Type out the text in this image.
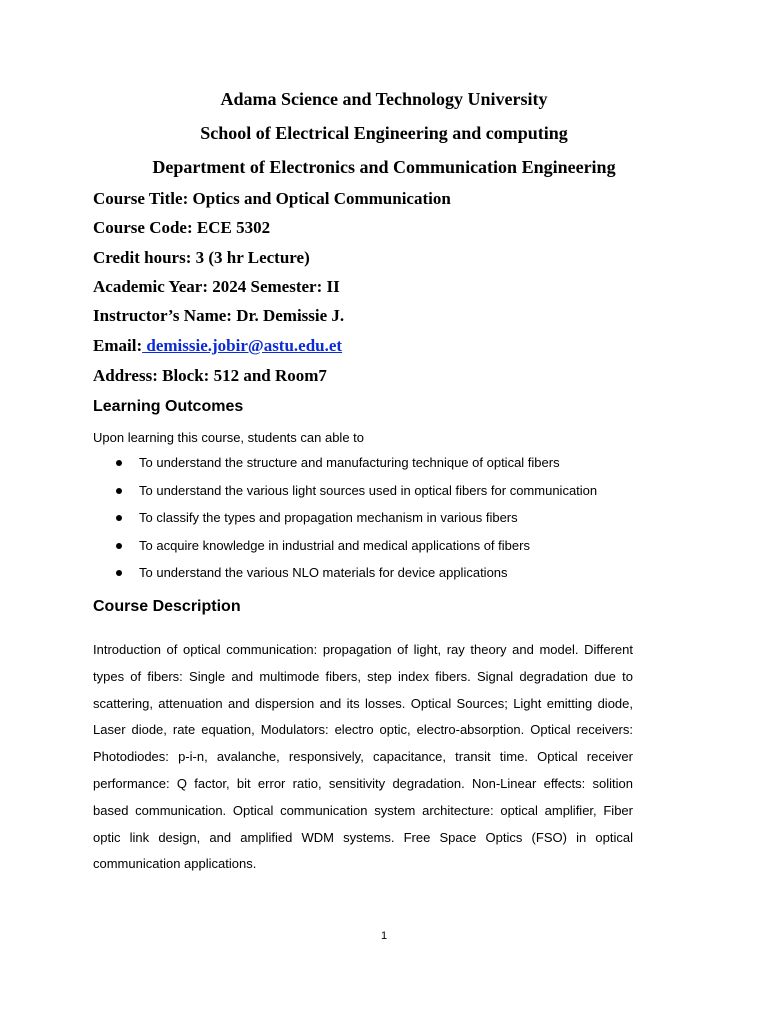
Adama Science and Technology University
School of Electrical Engineering and computing
Department of Electronics and Communication Engineering
Course Title: Optics and Optical Communication
Course Code: ECE 5302
Credit hours: 3 (3 hr Lecture)
Academic Year: 2024 Semester: II
Instructor’s Name: Dr. Demissie J.
Email: demissie.jobir@astu.edu.et
Address: Block: 512 and Room7
Learning Outcomes
Upon learning this course, students can able to
To understand the structure and manufacturing technique of optical fibers
To understand the various light sources used in optical fibers for communication
To classify the types and propagation mechanism in various fibers
To acquire knowledge in industrial and medical applications of fibers
To understand the various NLO materials for device applications
Course Description
Introduction of optical communication: propagation of light, ray theory and model. Different types of fibers: Single and multimode fibers, step index fibers. Signal degradation due to scattering, attenuation and dispersion and its losses. Optical Sources; Light emitting diode, Laser diode, rate equation, Modulators: electro optic, electro-absorption. Optical receivers: Photodiodes: p-i-n, avalanche, responsively, capacitance, transit time. Optical receiver performance: Q factor, bit error ratio, sensitivity degradation. Non-Linear effects: solition based communication. Optical communication system architecture: optical amplifier, Fiber optic link design, and amplified WDM systems. Free Space Optics (FSO) in optical communication applications.
1
